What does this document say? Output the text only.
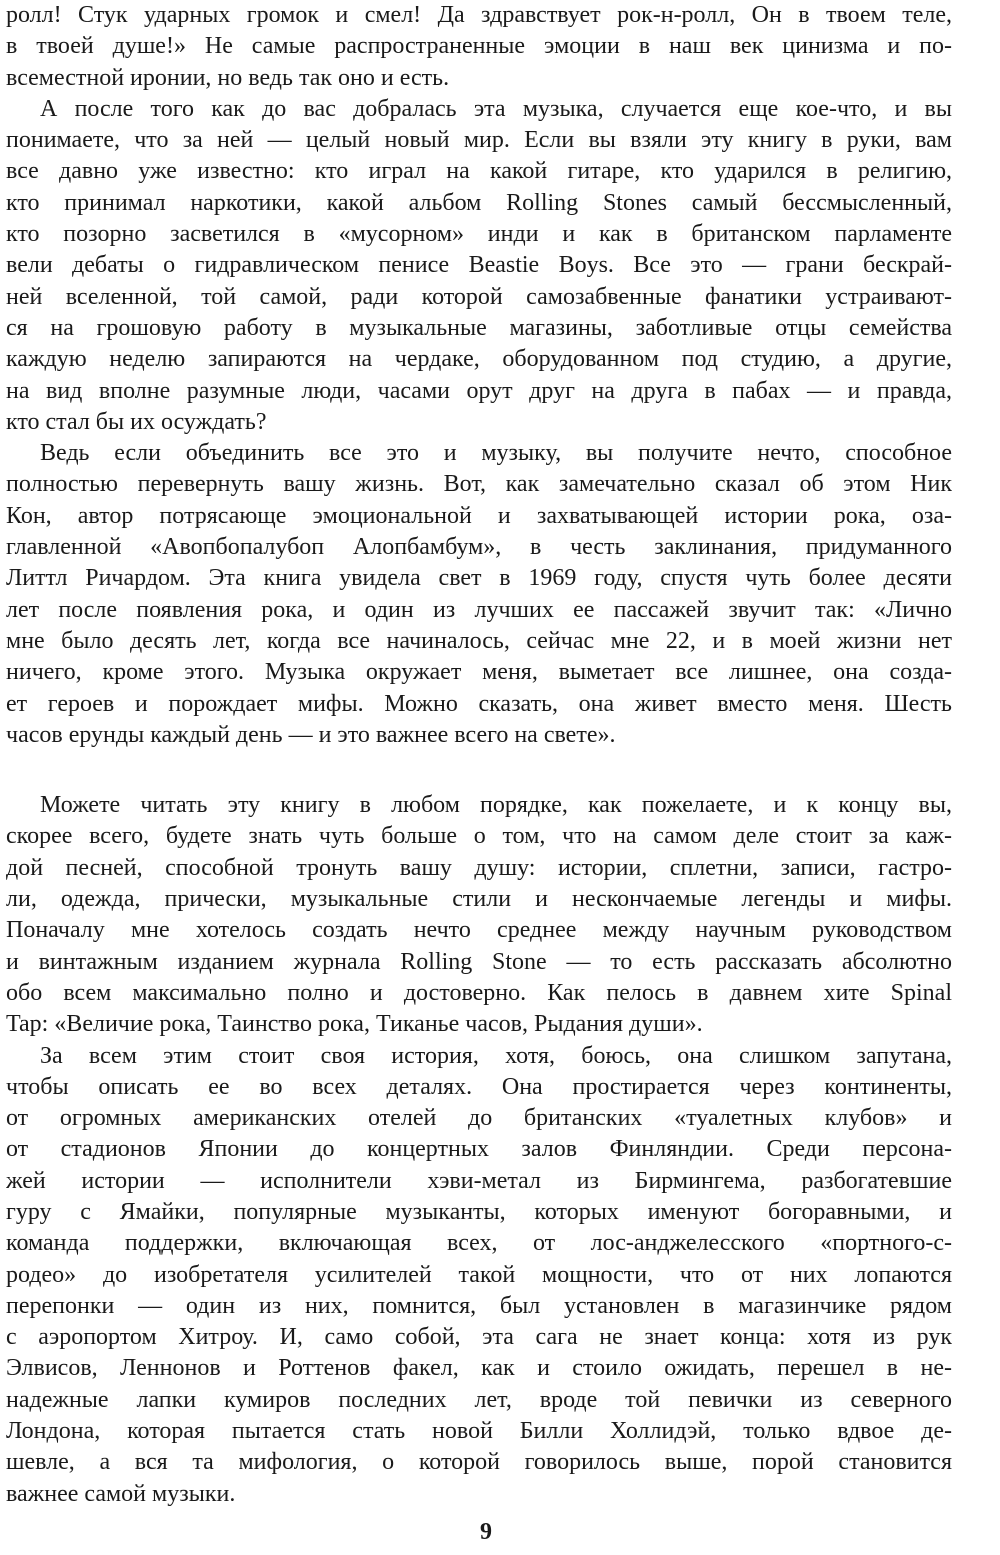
ролл! Стук ударных громок и смел! Да здравствует рок-н-ролл, Он в твоем теле,
в твоей душе!» Не самые распространенные эмоции в наш век цинизма и по-
всеместной иронии, но ведь так оно и есть.
А после того как до вас добралась эта музыка, случается еще кое-что, и вы
понимаете, что за ней — целый новый мир. Если вы взяли эту книгу в руки, вам
все давно уже известно: кто играл на какой гитаре, кто ударился в религию,
кто принимал наркотики, какой альбом Rolling Stones самый бессмысленный,
кто позорно засветился в «мусорном» инди и как в британском парламенте
вели дебаты о гидравлическом пенисе Beastie Boys. Все это — грани бескрай-
ней вселенной, той самой, ради которой самозабвенные фанатики устраивают-
ся на грошовую работу в музыкальные магазины, заботливые отцы семейства
каждую неделю запираются на чердаке, оборудованном под студию, а другие,
на вид вполне разумные люди, часами орут друг на друга в пабах — и правда,
кто стал бы их осуждать?
Ведь если объединить все это и музыку, вы получите нечто, способное
полностью перевернуть вашу жизнь. Вот, как замечательно сказал об этом Ник
Кон, автор потрясающе эмоциональной и захватывающей истории рока, оза-
главленной «Авопбопалубоп Алопбамбум», в честь заклинания, придуманного
Литтл Ричардом. Эта книга увидела свет в 1969 году, спустя чуть более десяти
лет после появления рока, и один из лучших ее пассажей звучит так: «Лично
мне было десять лет, когда все начиналось, сейчас мне 22, и в моей жизни нет
ничего, кроме этого. Музыка окружает меня, выметает все лишнее, она созда-
ет героев и порождает мифы. Можно сказать, она живет вместо меня. Шесть
часов ерунды каждый день — и это важнее всего на свете».
Можете читать эту книгу в любом порядке, как пожелаете, и к концу вы,
скорее всего, будете знать чуть больше о том, что на самом деле стоит за каж-
дой песней, способной тронуть вашу душу: истории, сплетни, записи, гастро-
ли, одежда, прически, музыкальные стили и нескончаемые легенды и мифы.
Поначалу мне хотелось создать нечто среднее между научным руководством
и винтажным изданием журнала Rolling Stone — то есть рассказать абсолютно
обо всем максимально полно и достоверно. Как пелось в давнем хите Spinal
Tap: «Величие рока, Таинство рока, Тиканье часов, Рыдания души».
За всем этим стоит своя история, хотя, боюсь, она слишком запутана,
чтобы описать ее во всех деталях. Она простирается через континенты,
от огромных американских отелей до британских «туалетных клубов» и
от стадионов Японии до концертных залов Финляндии. Среди персона-
жей истории — исполнители хэви-метал из Бирмингема, разбогатевшие
гуру с Ямайки, популярные музыканты, которых именуют богоравными, и
команда поддержки, включающая всех, от лос-анджелесского «портного-с-
родео» до изобретателя усилителей такой мощности, что от них лопаются
перепонки — один из них, помнится, был установлен в магазинчике рядом
с аэропортом Хитроу. И, само собой, эта сага не знает конца: хотя из рук
Элвисов, Леннонов и Роттенов факел, как и стоило ожидать, перешел в не-
надежные лапки кумиров последних лет, вроде той певички из северного
Лондона, которая пытается стать новой Билли Холлидэй, только вдвое де-
шевле, а вся та мифология, о которой говорилось выше, порой становится
важнее самой музыки.
9
